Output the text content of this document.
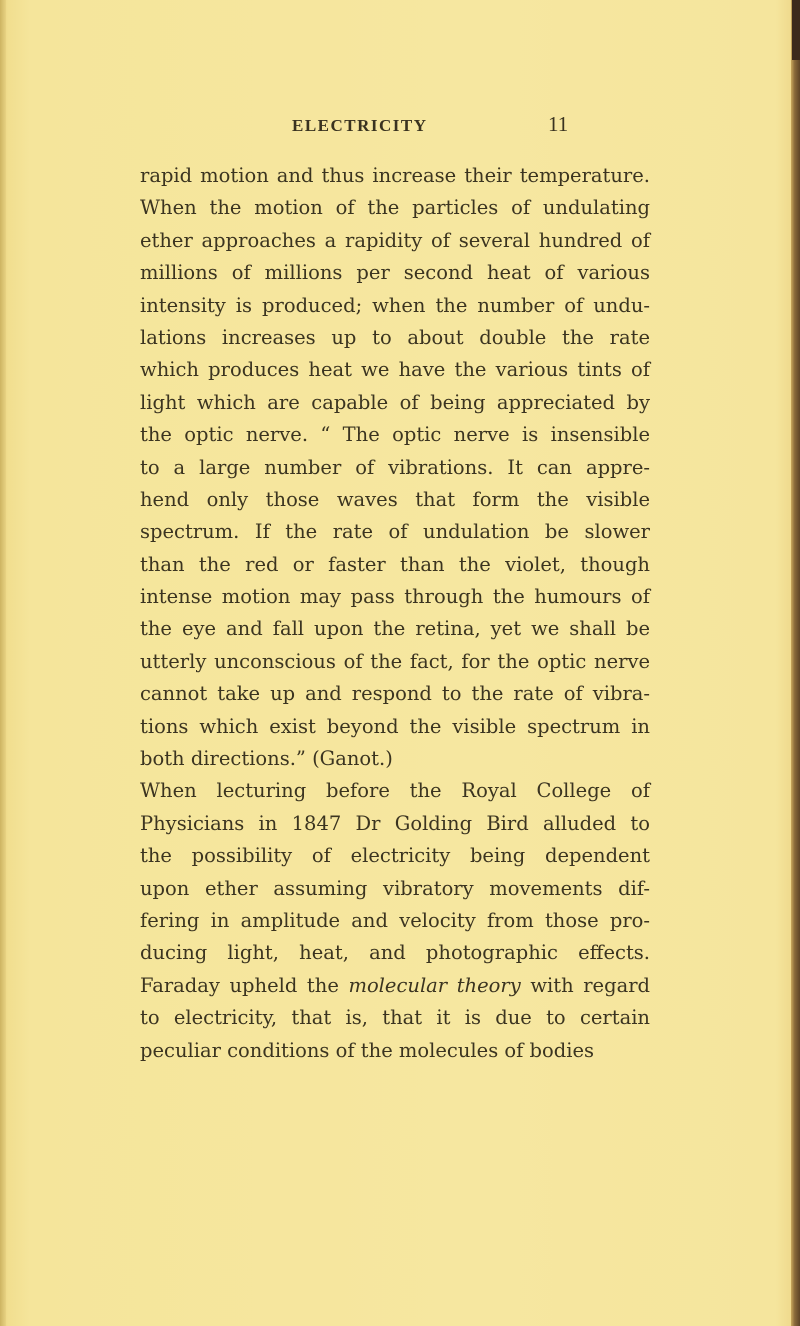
ELECTRICITY	11
rapid motion and thus increase their temperature.
When the motion of the particles of undulating
ether approaches a rapidity of several hundred of
millions of millions per second heat of various
intensity is produced; when the number of undu-
lations increases up to about double the rate
which produces heat we have the various tints of
light which are capable of being appreciated by
the optic nerve. “ The optic nerve is insensible
to a large number of vibrations. It can appre-
hend only those waves that form the visible
spectrum. If the rate of undulation be slower
than the red or faster than the violet, though
intense motion may pass through the humours of
the eye and fall upon the retina, yet we shall be
utterly unconscious of the fact, for the optic nerve
cannot take up and respond to the rate of vibra-
tions which exist beyond the visible spectrum in
both directions.” (Ganot.)
When lecturing before the Royal College of
Physicians in 1847 Dr Golding Bird alluded to
the possibility of electricity being dependent
upon ether assuming vibratory movements dif-
fering in amplitude and velocity from those pro-
ducing light, heat, and photographic effects.
Faraday upheld the molecular theory with regard
to electricity, that is, that it is due to certain
peculiar conditions of the molecules of bodies
